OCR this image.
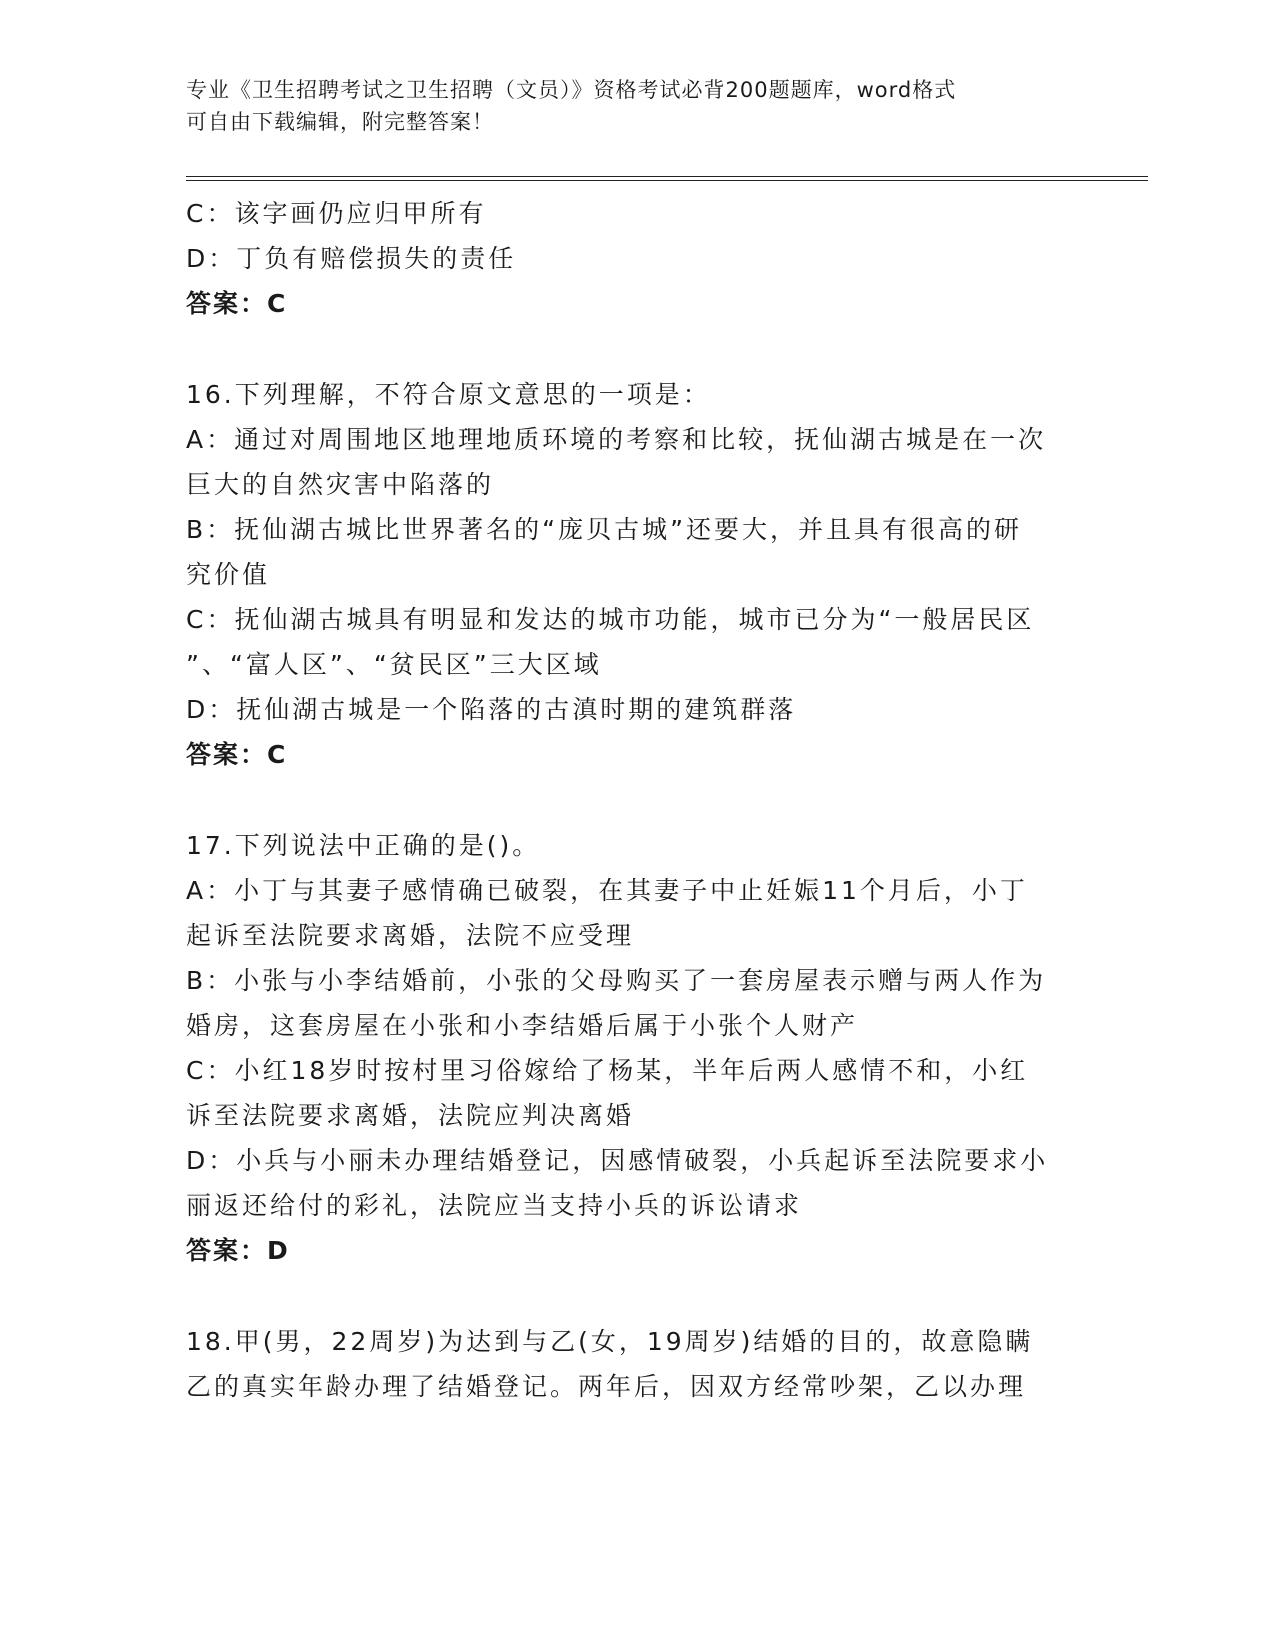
专业《卫生招聘考试之卫生招聘（文员）》资格考试必背200题题库，word格式
可自由下载编辑，附完整答案！
C：该字画仍应归甲所有
D：丁负有赔偿损失的责任
答案：C
16.下列理解，不符合原文意思的一项是：
A：通过对周围地区地理地质环境的考察和比较，抚仙湖古城是在一次
巨大的自然灾害中陷落的
B：抚仙湖古城比世界著名的“庞贝古城”还要大，并且具有很高的研
究价值
C：抚仙湖古城具有明显和发达的城市功能，城市已分为“一般居民区
”、“富人区”、“贫民区”三大区域
D：抚仙湖古城是一个陷落的古滇时期的建筑群落
答案：C
17.下列说法中正确的是()。
A：小丁与其妻子感情确已破裂，在其妻子中止妊娠11个月后，小丁
起诉至法院要求离婚，法院不应受理
B：小张与小李结婚前，小张的父母购买了一套房屋表示赠与两人作为
婚房，这套房屋在小张和小李结婚后属于小张个人财产
C：小红18岁时按村里习俗嫁给了杨某，半年后两人感情不和，小红
诉至法院要求离婚，法院应判决离婚
D：小兵与小丽未办理结婚登记，因感情破裂，小兵起诉至法院要求小
丽返还给付的彩礼，法院应当支持小兵的诉讼请求
答案：D
18.甲(男，22周岁)为达到与乙(女，19周岁)结婚的目的，故意隐瞒
乙的真实年龄办理了结婚登记。两年后，因双方经常吵架，乙以办理
